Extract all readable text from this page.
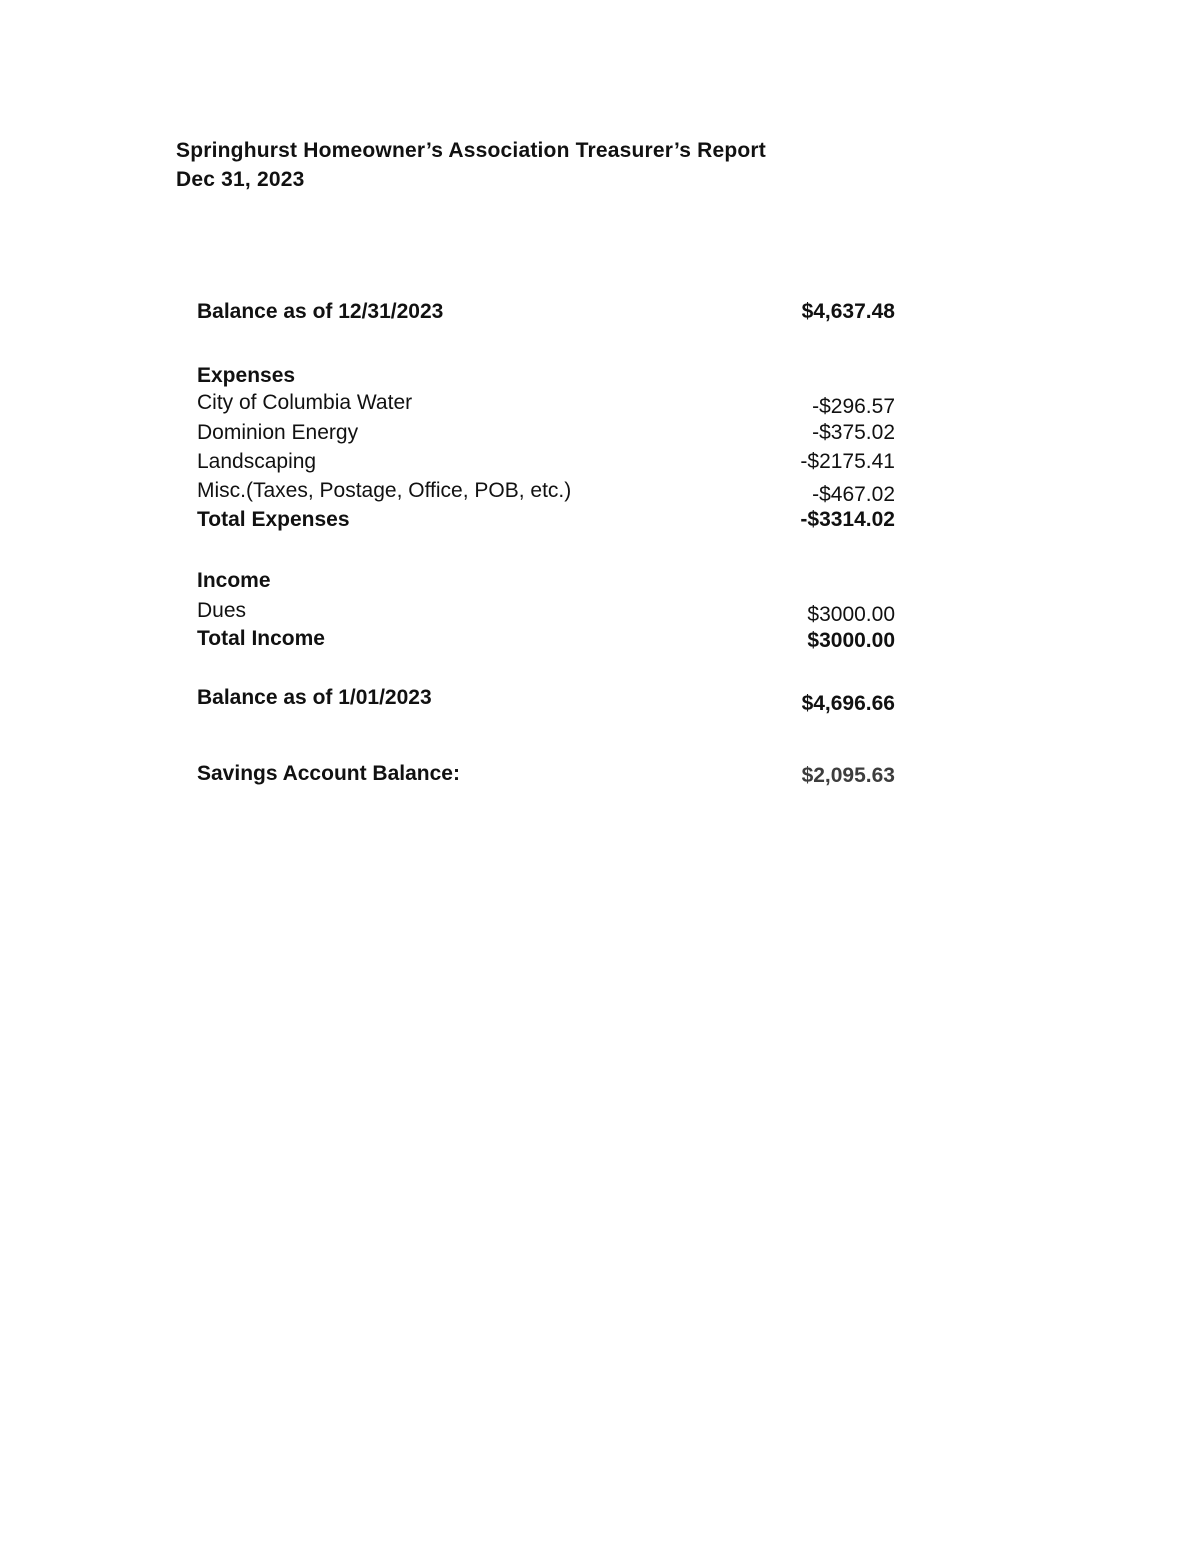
Springhurst Homeowner’s Association Treasurer’s Report
Dec 31, 2023
Balance as of 12/31/2023	$4,637.48
Expenses
City of Columbia Water	-$296.57
Dominion Energy	-$375.02
Landscaping	-$2175.41
Misc.(Taxes, Postage, Office, POB, etc.)	-$467.02
Total Expenses	-$3314.02
Income
Dues	$3000.00
Total Income	$3000.00
Balance as of 1/01/2023	$4,696.66
Savings Account Balance:	$2,095.63
